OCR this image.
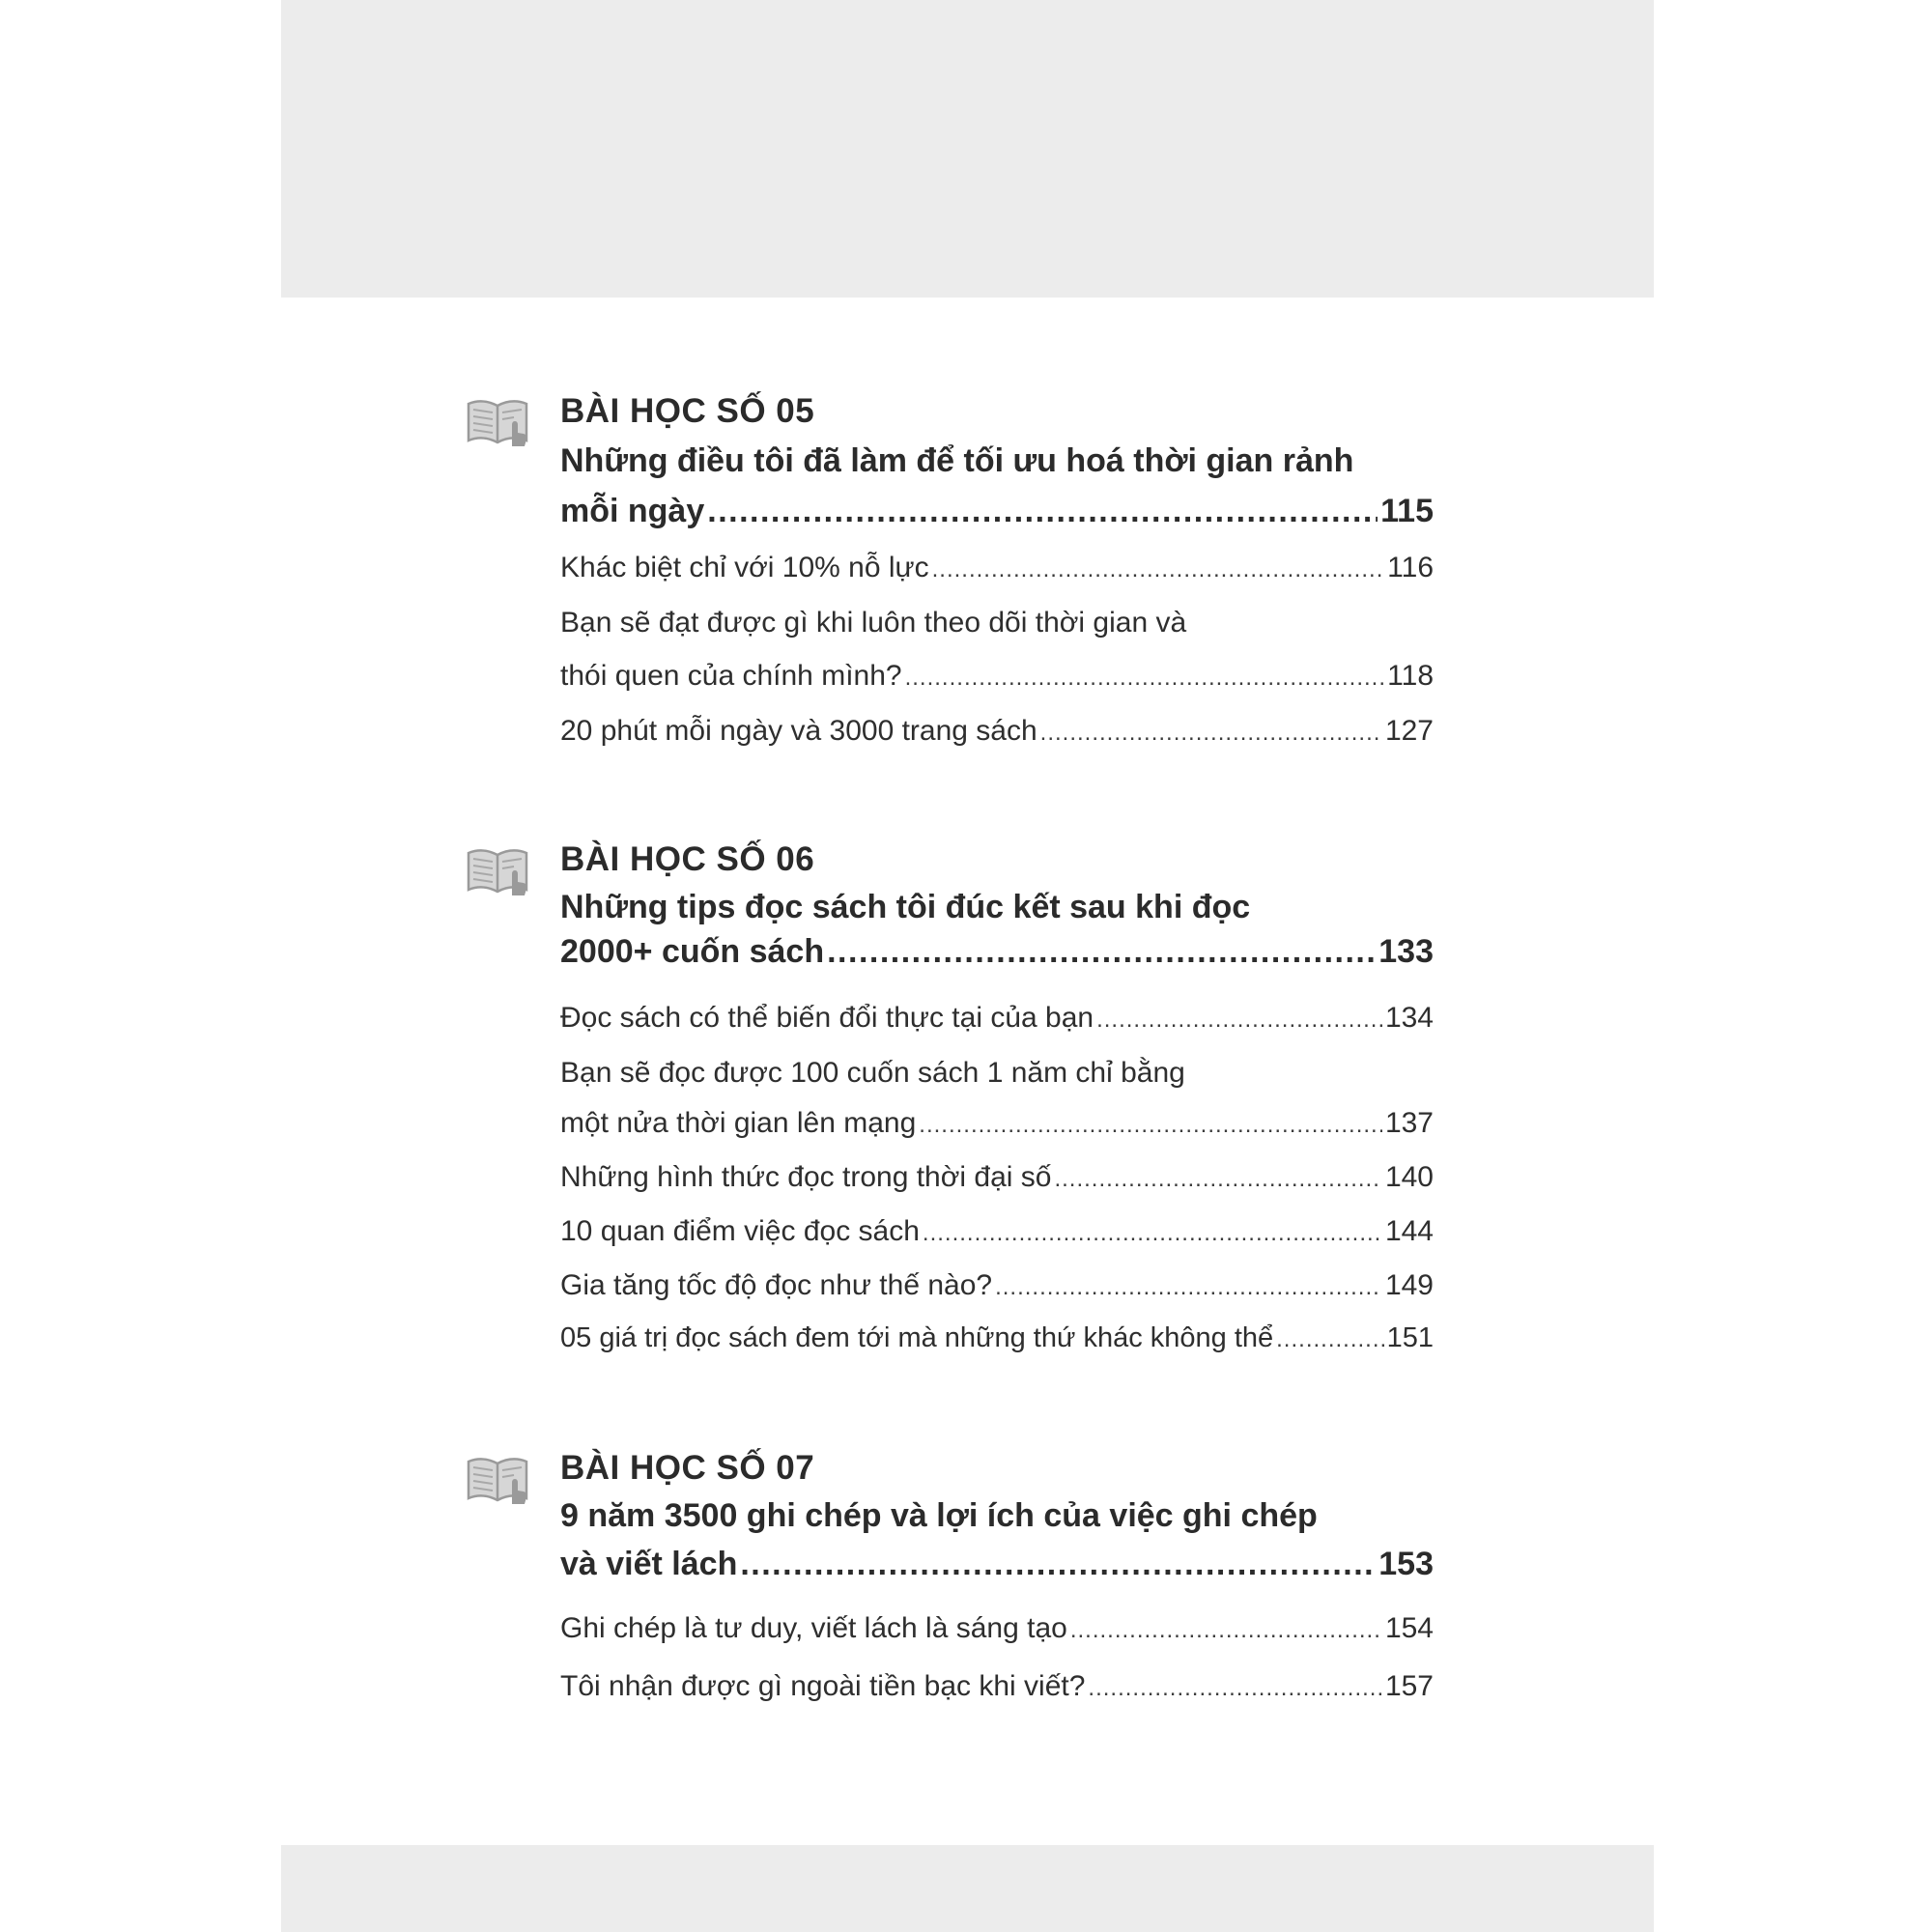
BÀI HỌC SỐ 05
Những điều tôi đã làm để tối ưu hoá thời gian rảnh
mỗi ngày .....	115
Khác biệt chỉ với 10% nỗ lực .....	116
Bạn sẽ đạt được gì khi luôn theo dõi thời gian và
thói quen của chính mình? .....	118
20 phút mỗi ngày và 3000 trang sách .....	127
BÀI HỌC SỐ 06
Những tips đọc sách tôi đúc kết sau khi đọc
2000+ cuốn sách .....	133
Đọc sách có thể biến đổi thực tại của bạn .....	134
Bạn sẽ đọc được 100 cuốn sách 1 năm chỉ bằng
một nửa thời gian lên mạng .....	137
Những hình thức đọc trong thời đại số .....	140
10 quan điểm việc đọc sách .....	144
Gia tăng tốc độ đọc như thế nào? .....	149
05 giá trị đọc sách đem tới mà những thứ khác không thể .....	151
BÀI HỌC SỐ 07
9 năm 3500 ghi chép và lợi ích của việc ghi chép
và viết lách .....	153
Ghi chép là tư duy, viết lách là sáng tạo .....	154
Tôi nhận được gì ngoài tiền bạc khi viết? .....	157
